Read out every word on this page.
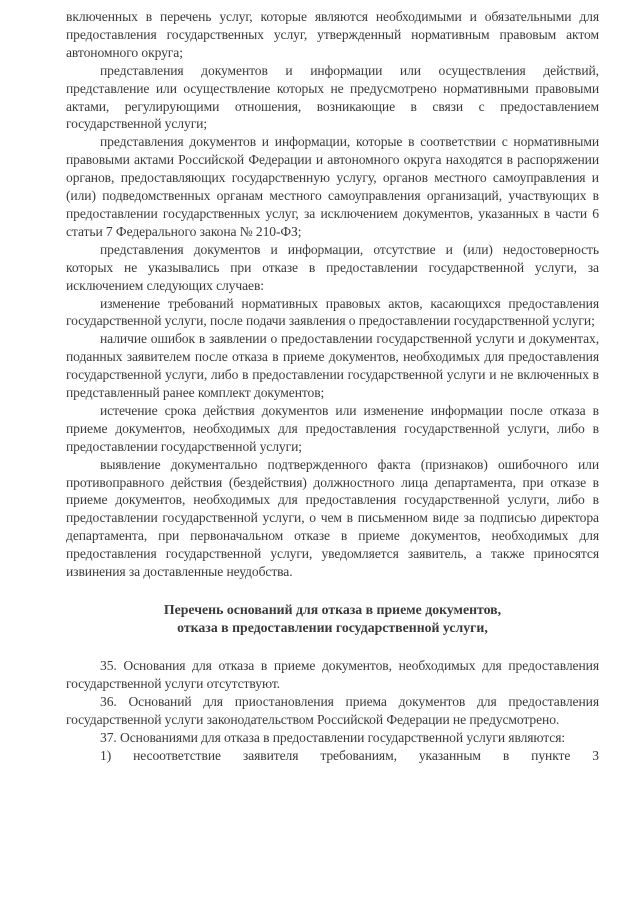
включенных в перечень услуг, которые являются необходимыми и обязательными для предоставления государственных услуг, утвержденный нормативным правовым актом автономного округа;

представления документов и информации или осуществления действий, представление или осуществление которых не предусмотрено нормативными правовыми актами, регулирующими отношения, возникающие в связи с предоставлением государственной услуги;

представления документов и информации, которые в соответствии с нормативными правовыми актами Российской Федерации и автономного округа находятся в распоряжении органов, предоставляющих государственную услугу, органов местного самоуправления и (или) подведомственных органам местного самоуправления организаций, участвующих в предоставлении государственных услуг, за исключением документов, указанных в части 6 статьи 7 Федерального закона № 210-ФЗ;

представления документов и информации, отсутствие и (или) недостоверность которых не указывались при отказе в предоставлении государственной услуги, за исключением следующих случаев:

изменение требований нормативных правовых актов, касающихся предоставления государственной услуги, после подачи заявления о предоставлении государственной услуги;

наличие ошибок в заявлении о предоставлении государственной услуги и документах, поданных заявителем после отказа в приеме документов, необходимых для предоставления государственной услуги, либо в предоставлении государственной услуги и не включенных в представленный ранее комплект документов;

истечение срока действия документов или изменение информации после отказа в приеме документов, необходимых для предоставления государственной услуги, либо в предоставлении государственной услуги;

выявление документально подтвержденного факта (признаков) ошибочного или противоправного действия (бездействия) должностного лица департамента, при отказе в приеме документов, необходимых для предоставления государственной услуги, либо в предоставлении государственной услуги, о чем в письменном виде за подписью директора департамента, при первоначальном отказе в приеме документов, необходимых для предоставления государственной услуги, уведомляется заявитель, а также приносятся извинения за доставленные неудобства.

Перечень оснований для отказа в приеме документов,
отказа в предоставлении государственной услуги,

35. Основания для отказа в приеме документов, необходимых для предоставления государственной услуги отсутствуют.

36. Оснований для приостановления приема документов для предоставления государственной услуги законодательством Российской Федерации не предусмотрено.

37. Основаниями для отказа в предоставлении государственной услуги являются:

1) несоответствие заявителя требованиям, указанным в пункте 3
